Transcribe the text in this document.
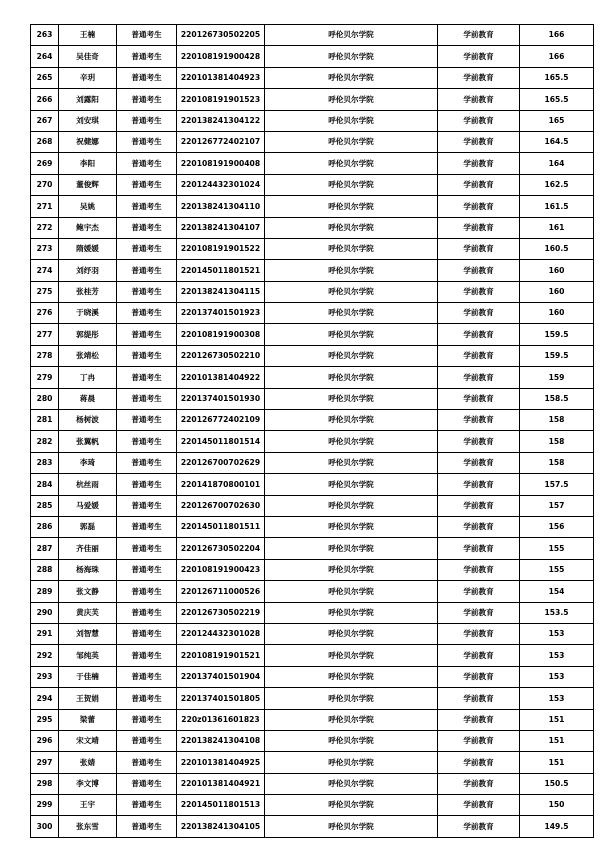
263	王楠	普通考生	220126730502205	呼伦贝尔学院	学前教育	166
264	吴佳奇	普通考生	220108191900428	呼伦贝尔学院	学前教育	166
265	辛玥	普通考生	220101381404923	呼伦贝尔学院	学前教育	165.5
266	刘露阳	普通考生	220108191901523	呼伦贝尔学院	学前教育	165.5
267	刘安琪	普通考生	220138241304122	呼伦贝尔学院	学前教育	165
268	祝健娜	普通考生	220126772402107	呼伦贝尔学院	学前教育	164.5
269	李阳	普通考生	220108191900408	呼伦贝尔学院	学前教育	164
270	董俊辉	普通考生	220124432301024	呼伦贝尔学院	学前教育	162.5
271	吴姚	普通考生	220138241304110	呼伦贝尔学院	学前教育	161.5
272	鲍宇杰	普通考生	220138241304107	呼伦贝尔学院	学前教育	161
273	隋媛媛	普通考生	220108191901522	呼伦贝尔学院	学前教育	160.5
274	刘纾羽	普通考生	220145011801521	呼伦贝尔学院	学前教育	160
275	张桂芳	普通考生	220138241304115	呼伦贝尔学院	学前教育	160
276	于晓溪	普通考生	220137401501923	呼伦贝尔学院	学前教育	160
277	郭缇彤	普通考生	220108191900308	呼伦贝尔学院	学前教育	159.5
278	张靖松	普通考生	220126730502210	呼伦贝尔学院	学前教育	159.5
279	丁冉	普通考生	220101381404922	呼伦贝尔学院	学前教育	159
280	蒋晨	普通考生	220137401501930	呼伦贝尔学院	学前教育	158.5
281	杨树波	普通考生	220126772402109	呼伦贝尔学院	学前教育	158
282	张翼帆	普通考生	220145011801514	呼伦贝尔学院	学前教育	158
283	李琦	普通考生	220126700702629	呼伦贝尔学院	学前教育	158
284	杭丝雨	普通考生	220141870800101	呼伦贝尔学院	学前教育	157.5
285	马爱媛	普通考生	220126700702630	呼伦贝尔学院	学前教育	157
286	郭磊	普通考生	220145011801511	呼伦贝尔学院	学前教育	156
287	齐佳丽	普通考生	220126730502204	呼伦贝尔学院	学前教育	155
288	杨海珠	普通考生	220108191900423	呼伦贝尔学院	学前教育	155
289	张文静	普通考生	220126711000526	呼伦贝尔学院	学前教育	154
290	黄庆芙	普通考生	220126730502219	呼伦贝尔学院	学前教育	153.5
291	刘智慧	普通考生	220124432301028	呼伦贝尔学院	学前教育	153
292	邹纯英	普通考生	220108191901521	呼伦贝尔学院	学前教育	153
293	于佳楠	普通考生	220137401501904	呼伦贝尔学院	学前教育	153
294	王贺娟	普通考生	220137401501805	呼伦贝尔学院	学前教育	153
295	梁蕾	普通考生	220z01361601823	呼伦贝尔学院	学前教育	151
296	宋文靖	普通考生	220138241304108	呼伦贝尔学院	学前教育	151
297	张婧	普通考生	220101381404925	呼伦贝尔学院	学前教育	151
298	李文博	普通考生	220101381404921	呼伦贝尔学院	学前教育	150.5
299	王宇	普通考生	220145011801513	呼伦贝尔学院	学前教育	150
300	张东雪	普通考生	220138241304105	呼伦贝尔学院	学前教育	149.5
